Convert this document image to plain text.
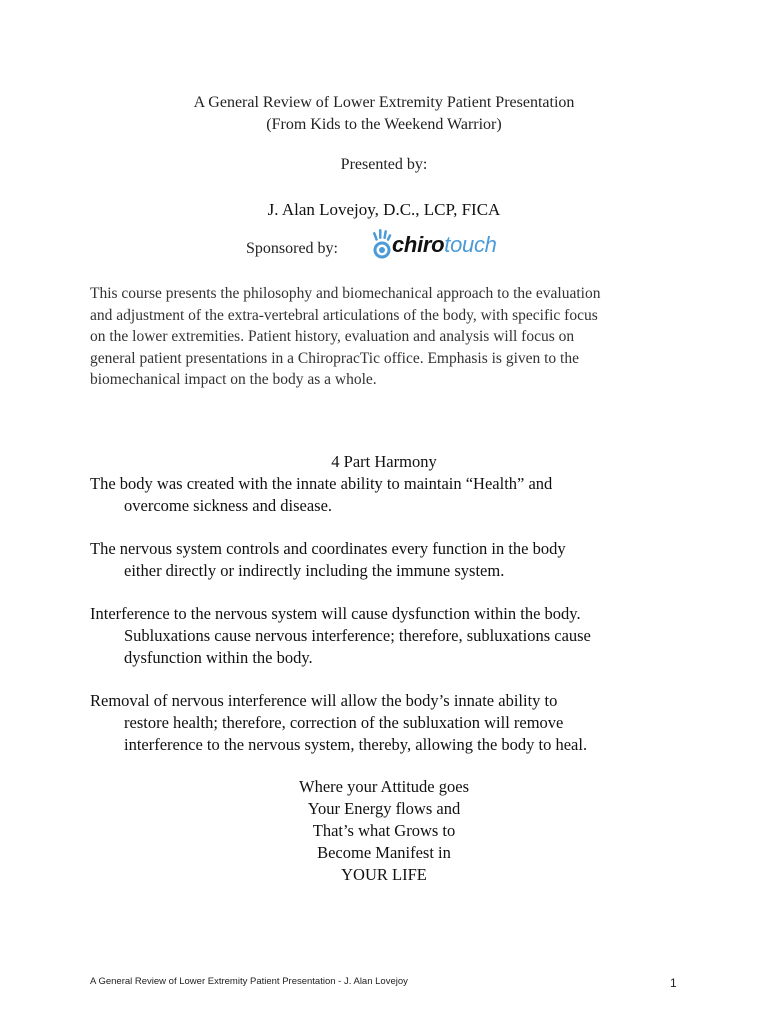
A General Review of Lower Extremity Patient Presentation
(From Kids to the Weekend Warrior)
Presented by:
J. Alan Lovejoy, D.C., LCP, FICA
Sponsored by: chirotouch
This course presents the philosophy and biomechanical approach to the evaluation
and adjustment of the extra-vertebral articulations of the body, with specific focus
on the lower extremities. Patient history, evaluation and analysis will focus on
general patient presentations in a ChiropracTic office. Emphasis is given to the
biomechanical impact on the body as a whole.
4 Part Harmony
The body was created with the innate ability to maintain “Health” and
overcome sickness and disease.
The nervous system controls and coordinates every function in the body
either directly or indirectly including the immune system.
Interference to the nervous system will cause dysfunction within the body.
Subluxations cause nervous interference; therefore, subluxations cause
dysfunction within the body.
Removal of nervous interference will allow the body’s innate ability to
restore health; therefore, correction of the subluxation will remove
interference to the nervous system, thereby, allowing the body to heal.
Where your Attitude goes
Your Energy flows and
That’s what Grows to
Become Manifest in
YOUR LIFE
A General Review of Lower Extremity Patient Presentation - J. Alan Lovejoy	1
